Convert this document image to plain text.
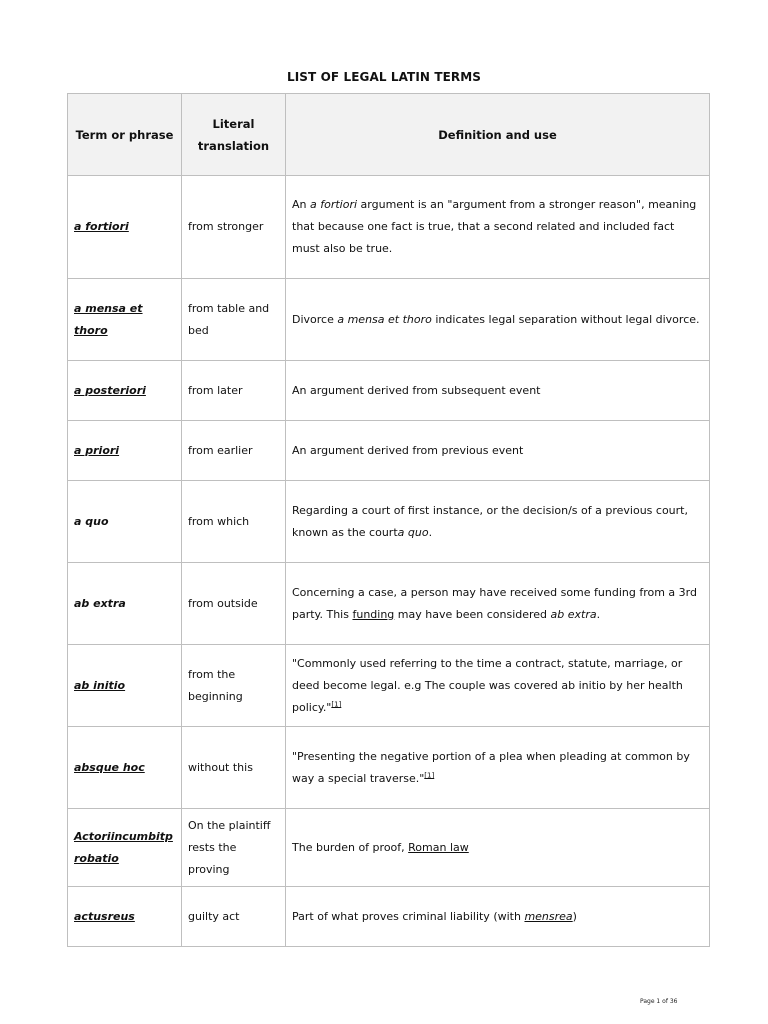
LIST OF LEGAL LATIN TERMS
Term or phrase	Literal translation	Definition and use
a fortiori	from stronger	An a fortiori argument is an "argument from a stronger reason", meaning that because one fact is true, that a second related and included fact must also be true.
a mensa et thoro	from table and bed	Divorce a mensa et thoro indicates legal separation without legal divorce.
a posteriori	from later	An argument derived from subsequent event
a priori	from earlier	An argument derived from previous event
a quo	from which	Regarding a court of first instance, or the decision/s of a previous court, known as the courta quo.
ab extra	from outside	Concerning a case, a person may have received some funding from a 3rd party. This funding may have been considered ab extra.
ab initio	from the beginning	"Commonly used referring to the time a contract, statute, marriage, or deed become legal. e.g The couple was covered ab initio by her health policy."[1]
absque hoc	without this	"Presenting the negative portion of a plea when pleading at common by way a special traverse."[1]
Actoriincumbitprobatio	On the plaintiff rests the proving	The burden of proof, Roman law
actusreus	guilty act	Part of what proves criminal liability (with mensrea)
Page 1 of 36
